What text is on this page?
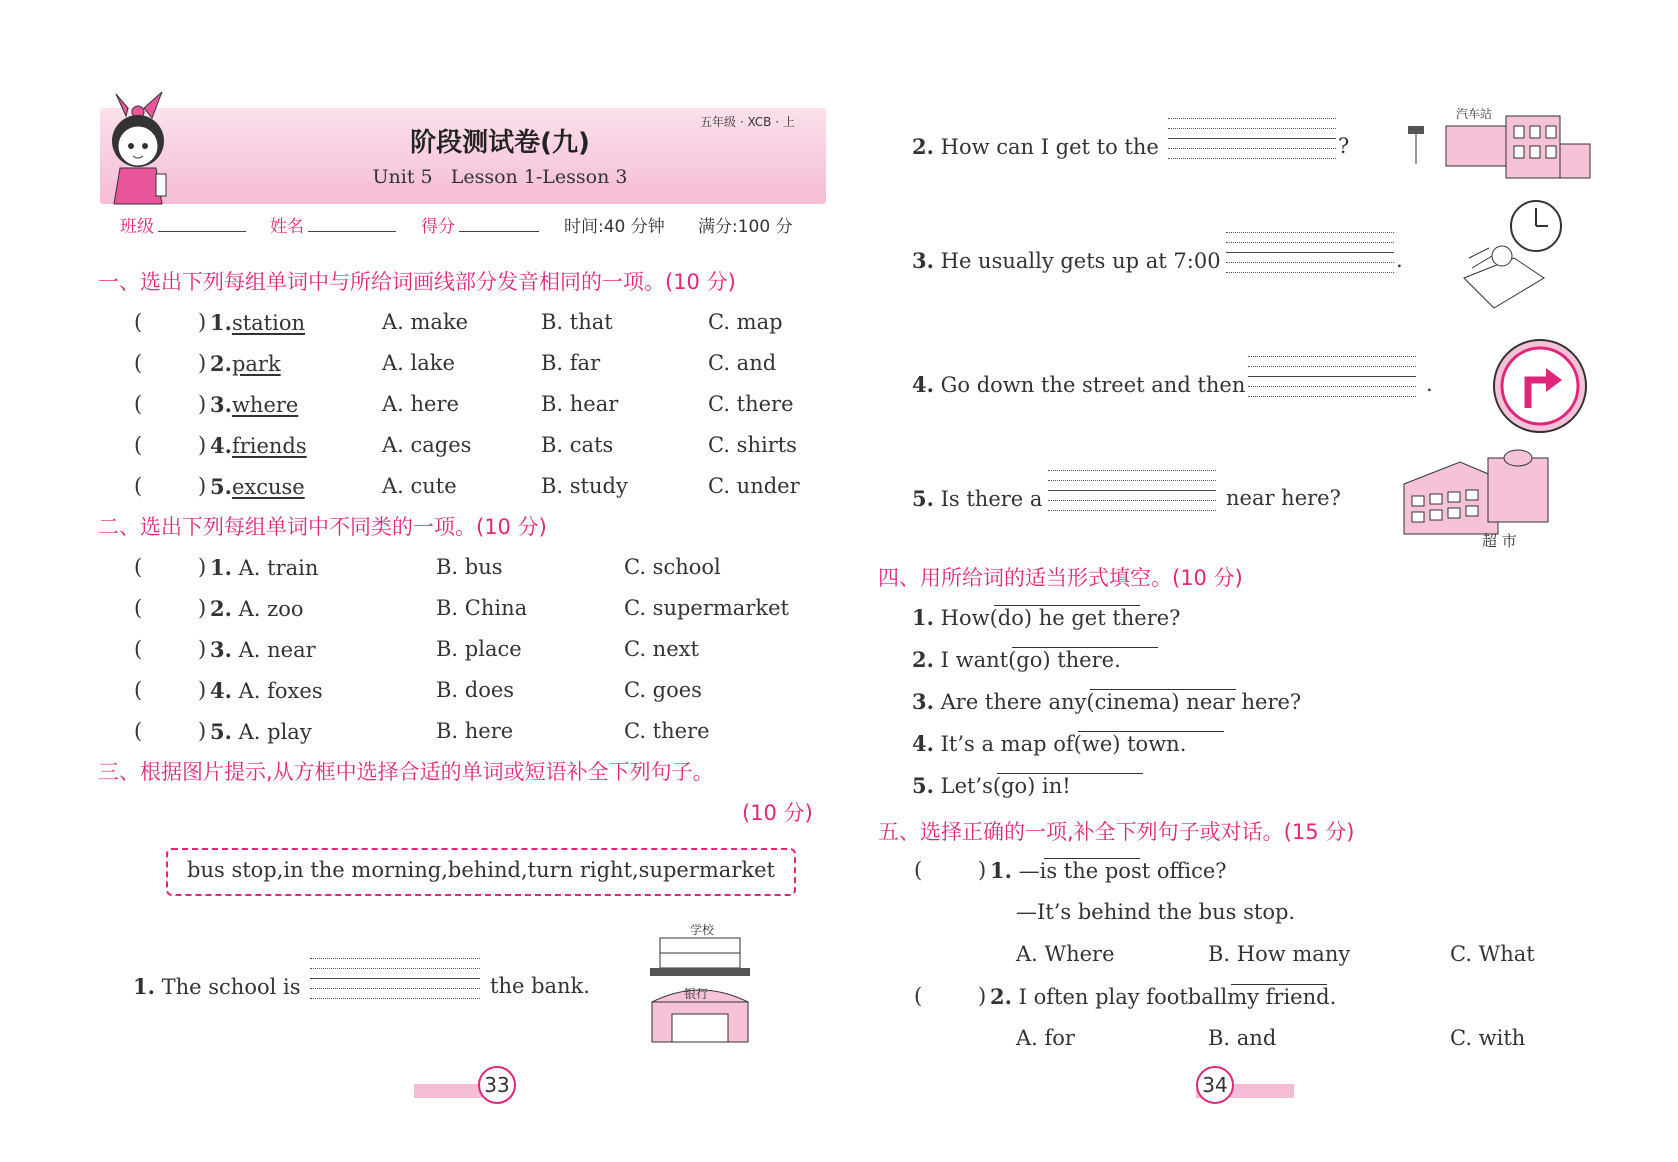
阶段测试卷(九)
Unit 5   Lesson 1-Lesson 3
五年级 · XCB · 上
班级	姓名	得分	时间:40 分钟 满分:100 分
一、选出下列每组单词中与所给词画线部分发音相同的一项。(10 分)
(	) 1.station	A. make	B. that	C. map
(	) 2.park	A. lake	B. far	C. and
(	) 3.where	A. here	B. hear	C. there
(	) 4.friends	A. cages	B. cats	C. shirts
(	) 5.excuse	A. cute	B. study	C. under
二、选出下列每组单词中不同类的一项。(10 分)
(	) 1. A. train	B. bus	C. school
(	) 2. A. zoo	B. China	C. supermarket
(	) 3. A. near	B. place	C. next
(	) 4. A. foxes	B. does	C. goes
(	) 5. A. play	B. here	C. there
三、根据图片提示,从方框中选择合适的单词或短语补全下列句子。
(10 分)
bus stop,in the morning,behind,turn right,supermarket
1. The school is	the bank.
学校
银行
2. How can I get to the	?
汽车站
3. He usually gets up at 7:00	.
4. Go down the street and then	.
5. Is there a	near here?
超 市
四、用所给词的适当形式填空。(10 分)
1. How
(do) he get there?
2. I want
(go) there.
3. Are there any
(cinema) near here?
4. It’s a map of
(we) town.
5. Let’s
(go) in!
五、选择正确的一项,补全下列句子或对话。(15 分)
(	) 1. —
is the post office?
—It’s behind the bus stop.
A. Where	B. How many	C. What
(	) 2. I often play football
my friend.
A. for	B. and	C. with
33	34
